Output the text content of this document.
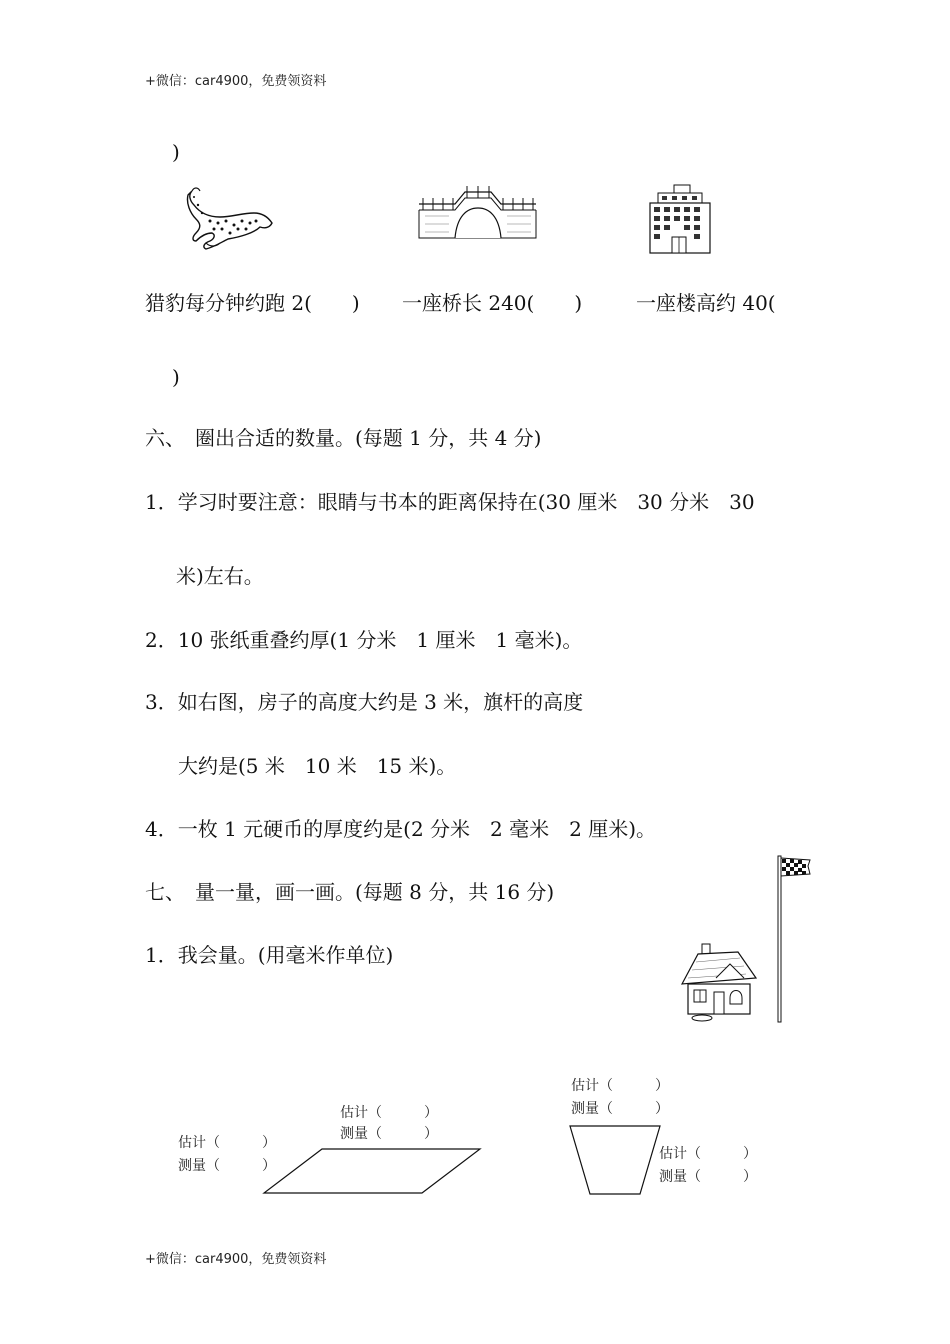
+微信：car4900，免费领资料
)
猎豹每分钟约跑 2(　　) 一座桥长 240(　　)	一座楼高约 40(
)
六、　圈出合适的数量。(每题 1 分，共 4 分)
1．学习时要注意：眼睛与书本的距离保持在(30 厘米　30 分米　30
米)左右。
2．10 张纸重叠约厚(1 分米　1 厘米　1 毫米)。
3．如右图，房子的高度大约是 3 米，旗杆的高度
大约是(5 米　10 米　15 米)。
4．一枚 1 元硬币的厚度约是(2 分米　2 毫米　2 厘米)。
七、　量一量，画一画。(每题 8 分，共 16 分)
1．我会量。(用毫米作单位)
估计（　　　）
测量（　　　）
估计（　　　）
测量（　　　）
估计（　　　）
测量（　　　）
估计（　　　）
测量（　　　）
+微信：car4900，免费领资料
